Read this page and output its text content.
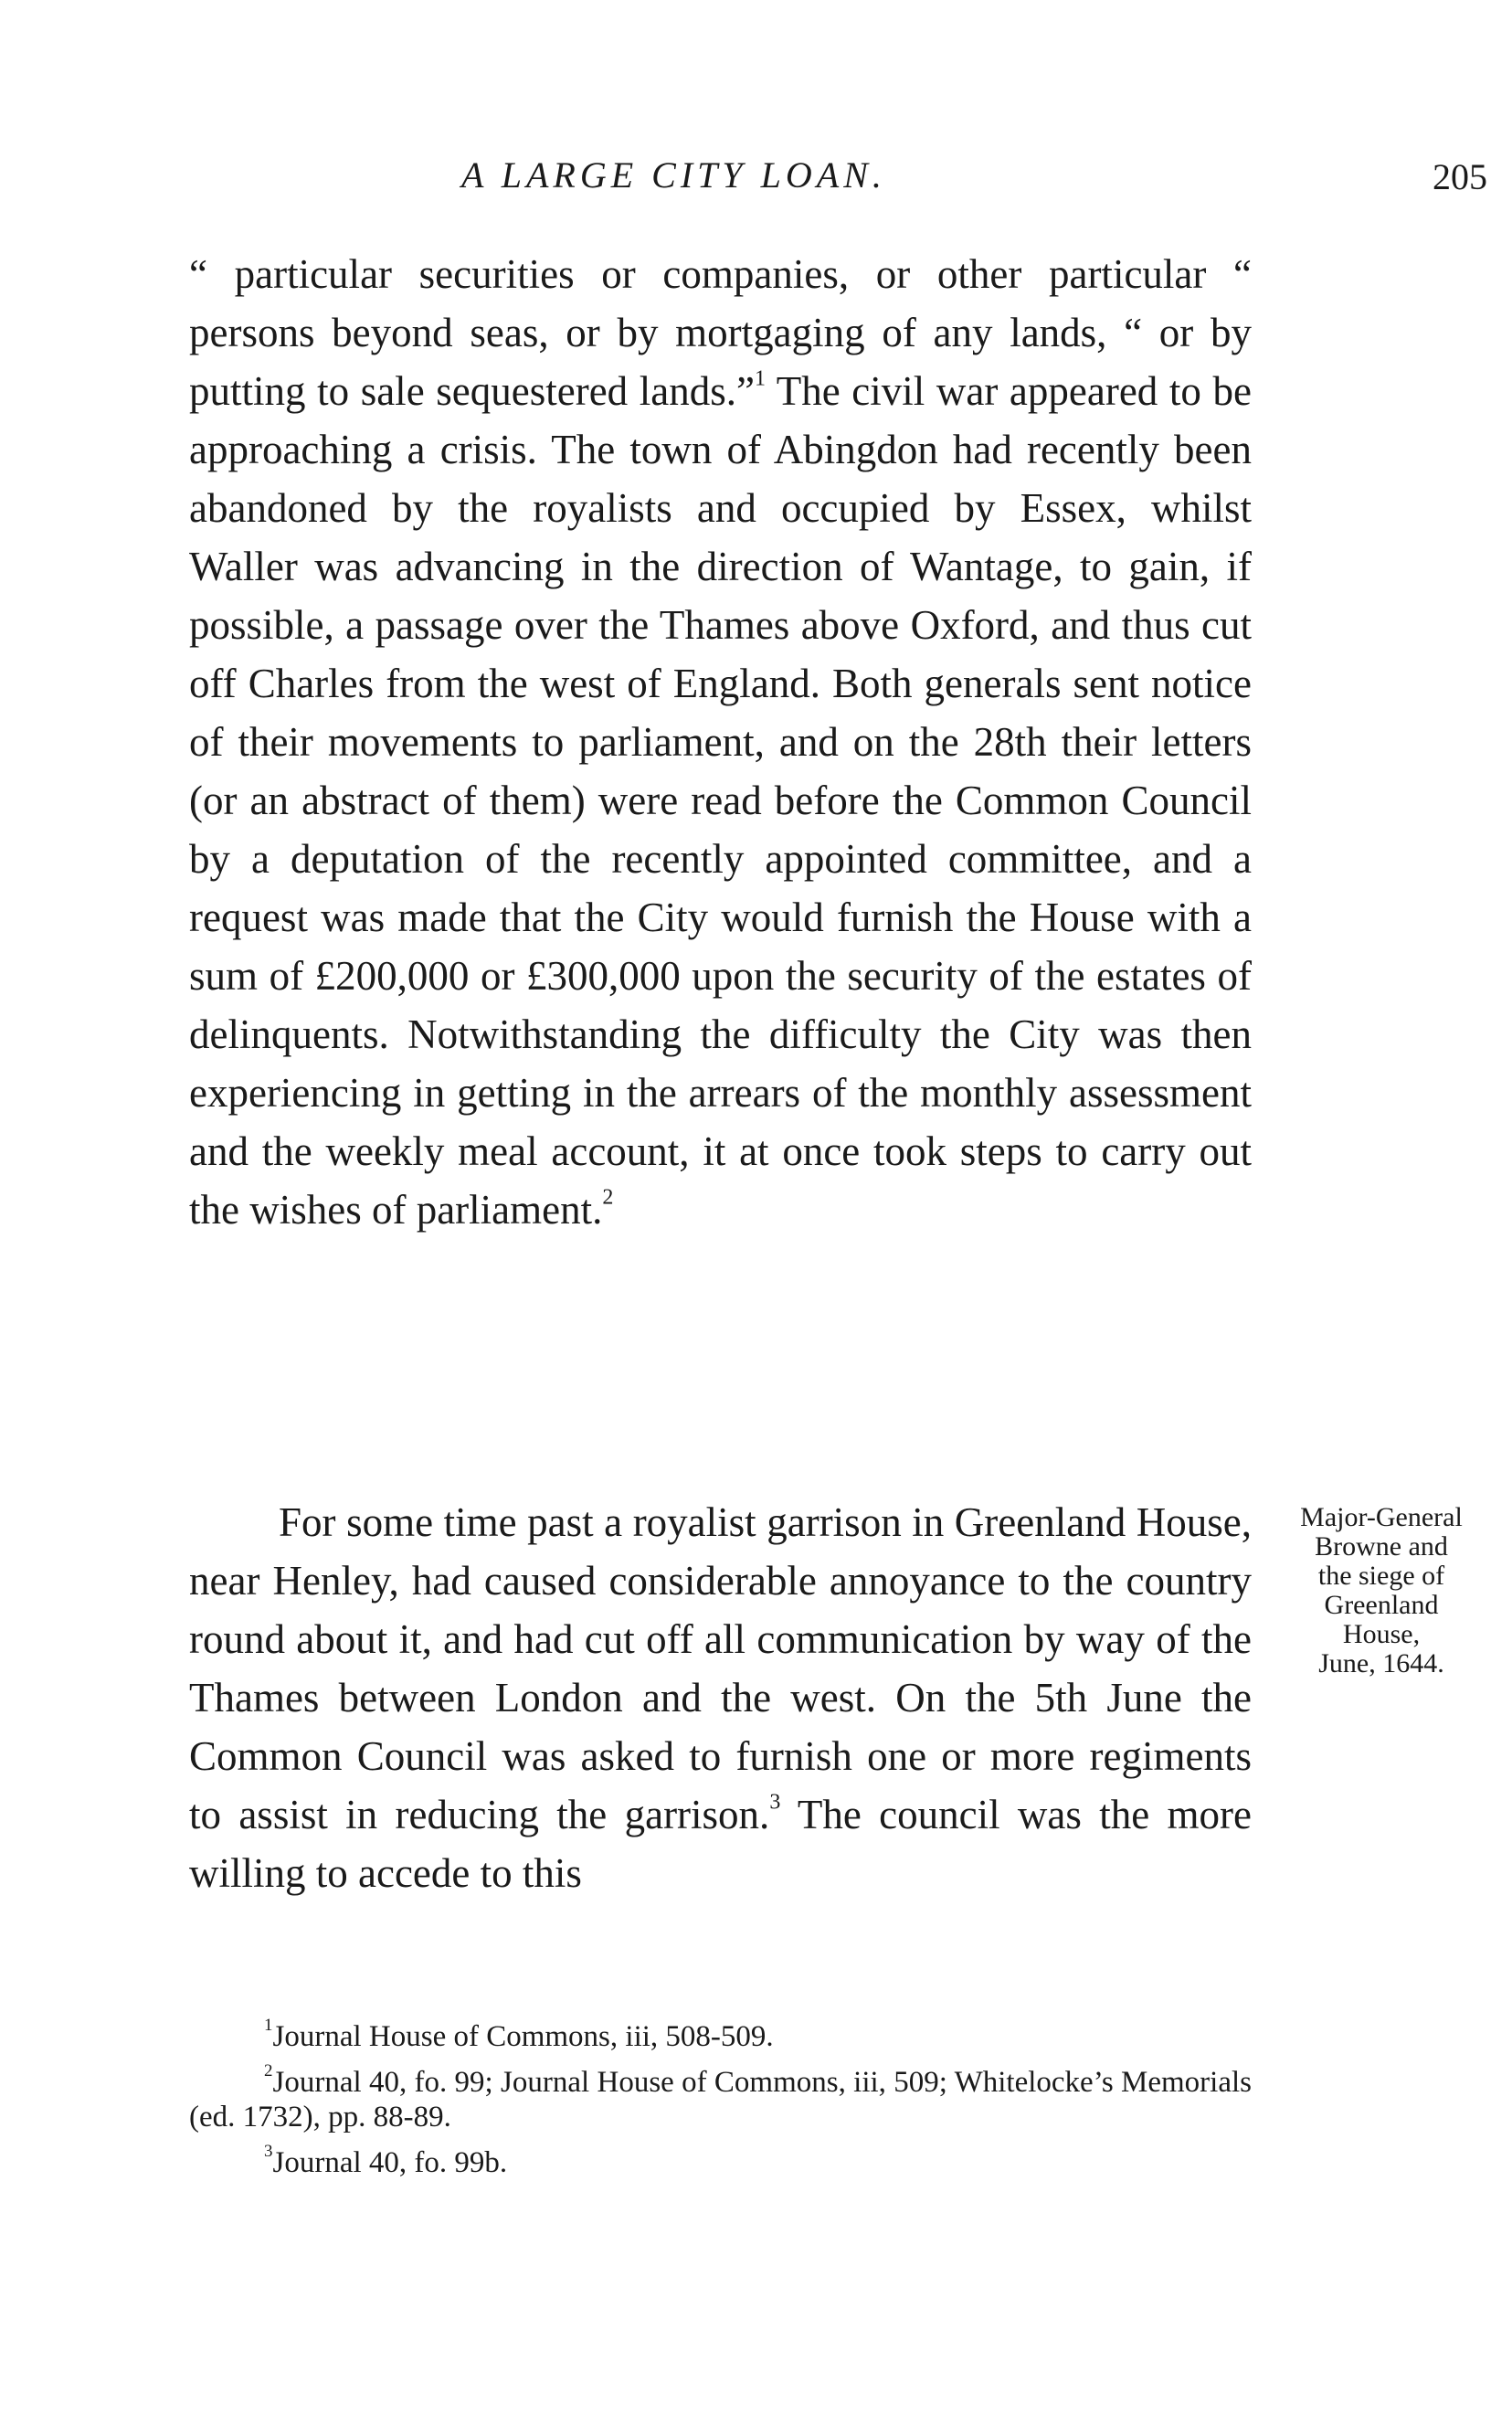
A LARGE CITY LOAN.	205

“ particular securities or companies, or other particular “ persons beyond seas, or by mortgaging of any lands, “ or by putting to sale sequestered lands.”$^1$ The civil war appeared to be approaching a crisis. The town of Abingdon had recently been abandoned by the royalists and occupied by Essex, whilst Waller was advancing in the direction of Wantage, to gain, if possible, a passage over the Thames above Oxford, and thus cut off Charles from the west of England. Both generals sent notice of their movements to parliament, and on the 28th their letters (or an abstract of them) were read before the Common Council by a deputation of the recently appointed committee, and a request was made that the City would furnish the House with a sum of £200,000 or £300,000 upon the security of the estates of delinquents. Notwithstanding the difficulty the City was then experiencing in getting in the arrears of the monthly assessment and the weekly meal account, it at once took steps to carry out the wishes of parliament.$^2$

For some time past a royalist garrison in Greenland House, near Henley, had caused considerable annoyance to the country round about it, and had cut off all communication by way of the Thames between London and the west. On the 5th June the Common Council was asked to furnish one or more regiments to assist in reducing the garrison.$^3$ The council was the more willing to accede to this

Major-General
Browne and
the siege of
Greenland
House,
June, 1644.

$^1$Journal House of Commons, iii, 508-509.

$^2$Journal 40, fo. 99; Journal House of Commons, iii, 509; Whitelocke’s Memorials (ed. 1732), pp. 88-89.

$^3$Journal 40, fo. 99b.
